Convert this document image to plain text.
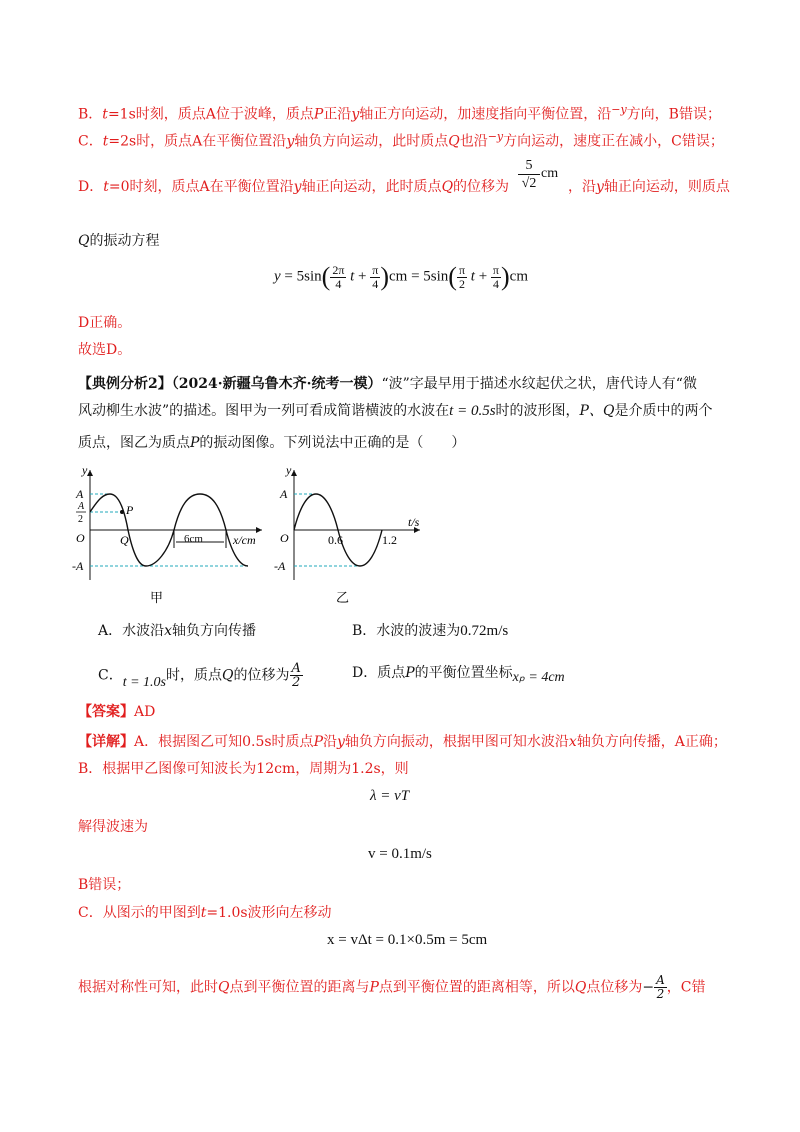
B．t=1s时刻，质点A位于波峰，质点P正沿y轴正方向运动，加速度指向平衡位置，沿$^{-y}$方向，B错误；
C．t=2s时，质点A在平衡位置沿y轴负方向运动，此时质点Q也沿$^{-y}$方向运动，速度正在减小，C错误；
D．t=0时刻，质点A在平衡位置沿y轴正向运动，此时质点Q的位移为 $\frac{5}{√2}$ cm
，沿y轴正向运动，则质点
Q的振动方程
$y = 5\sin( \frac{2\pi}{4}$ $t + \frac{\pi}{4} )cm = 5\sin( \frac{\pi}{2}$ $t + \frac{\pi}{4} )cm$
D正确。
故选D。
【典例分析2】（2024·新疆乌鲁木齐·统考一模）“波”字最早用于描述水纹起伏之状，唐代诗人有“微
风动柳生水波”的描述。图甲为一列可看成简谐横波的水波在t = 0.5s时的波形图，P、Q是介质中的两个
质点，图乙为质点P的振动图像。下列说法中正确的是（　　）
y
x/cm
A
A
2
O
-A
P
Q	6cm
甲
y
t/s
A
O
-A
0.6	1.2
乙
A．水波沿x轴负方向传播	B．水波的波速为0.72m/s
C．t = 1.0s时，质点Q的位移为 $\frac{A}{2}$	D．质点P的平衡位置坐标xₚ = 4cm
【答案】AD
【详解】A．根据图乙可知0.5s时质点P沿y轴负方向振动，根据甲图可知水波沿x轴负方向传播，A正确；
B．根据甲乙图像可知波长为12cm，周期为1.2s，则
λ = vT
解得波速为
v = 0.1m/s
B错误；
C．从图示的甲图到t=1.0s波形向左移动
x = vΔt = 0.1×0.5m = 5cm
根据对称性可知，此时Q点到平衡位置的距离与P点到平衡位置的距离相等，所以Q点位移为− $\frac{A}{2}$ ，C错
